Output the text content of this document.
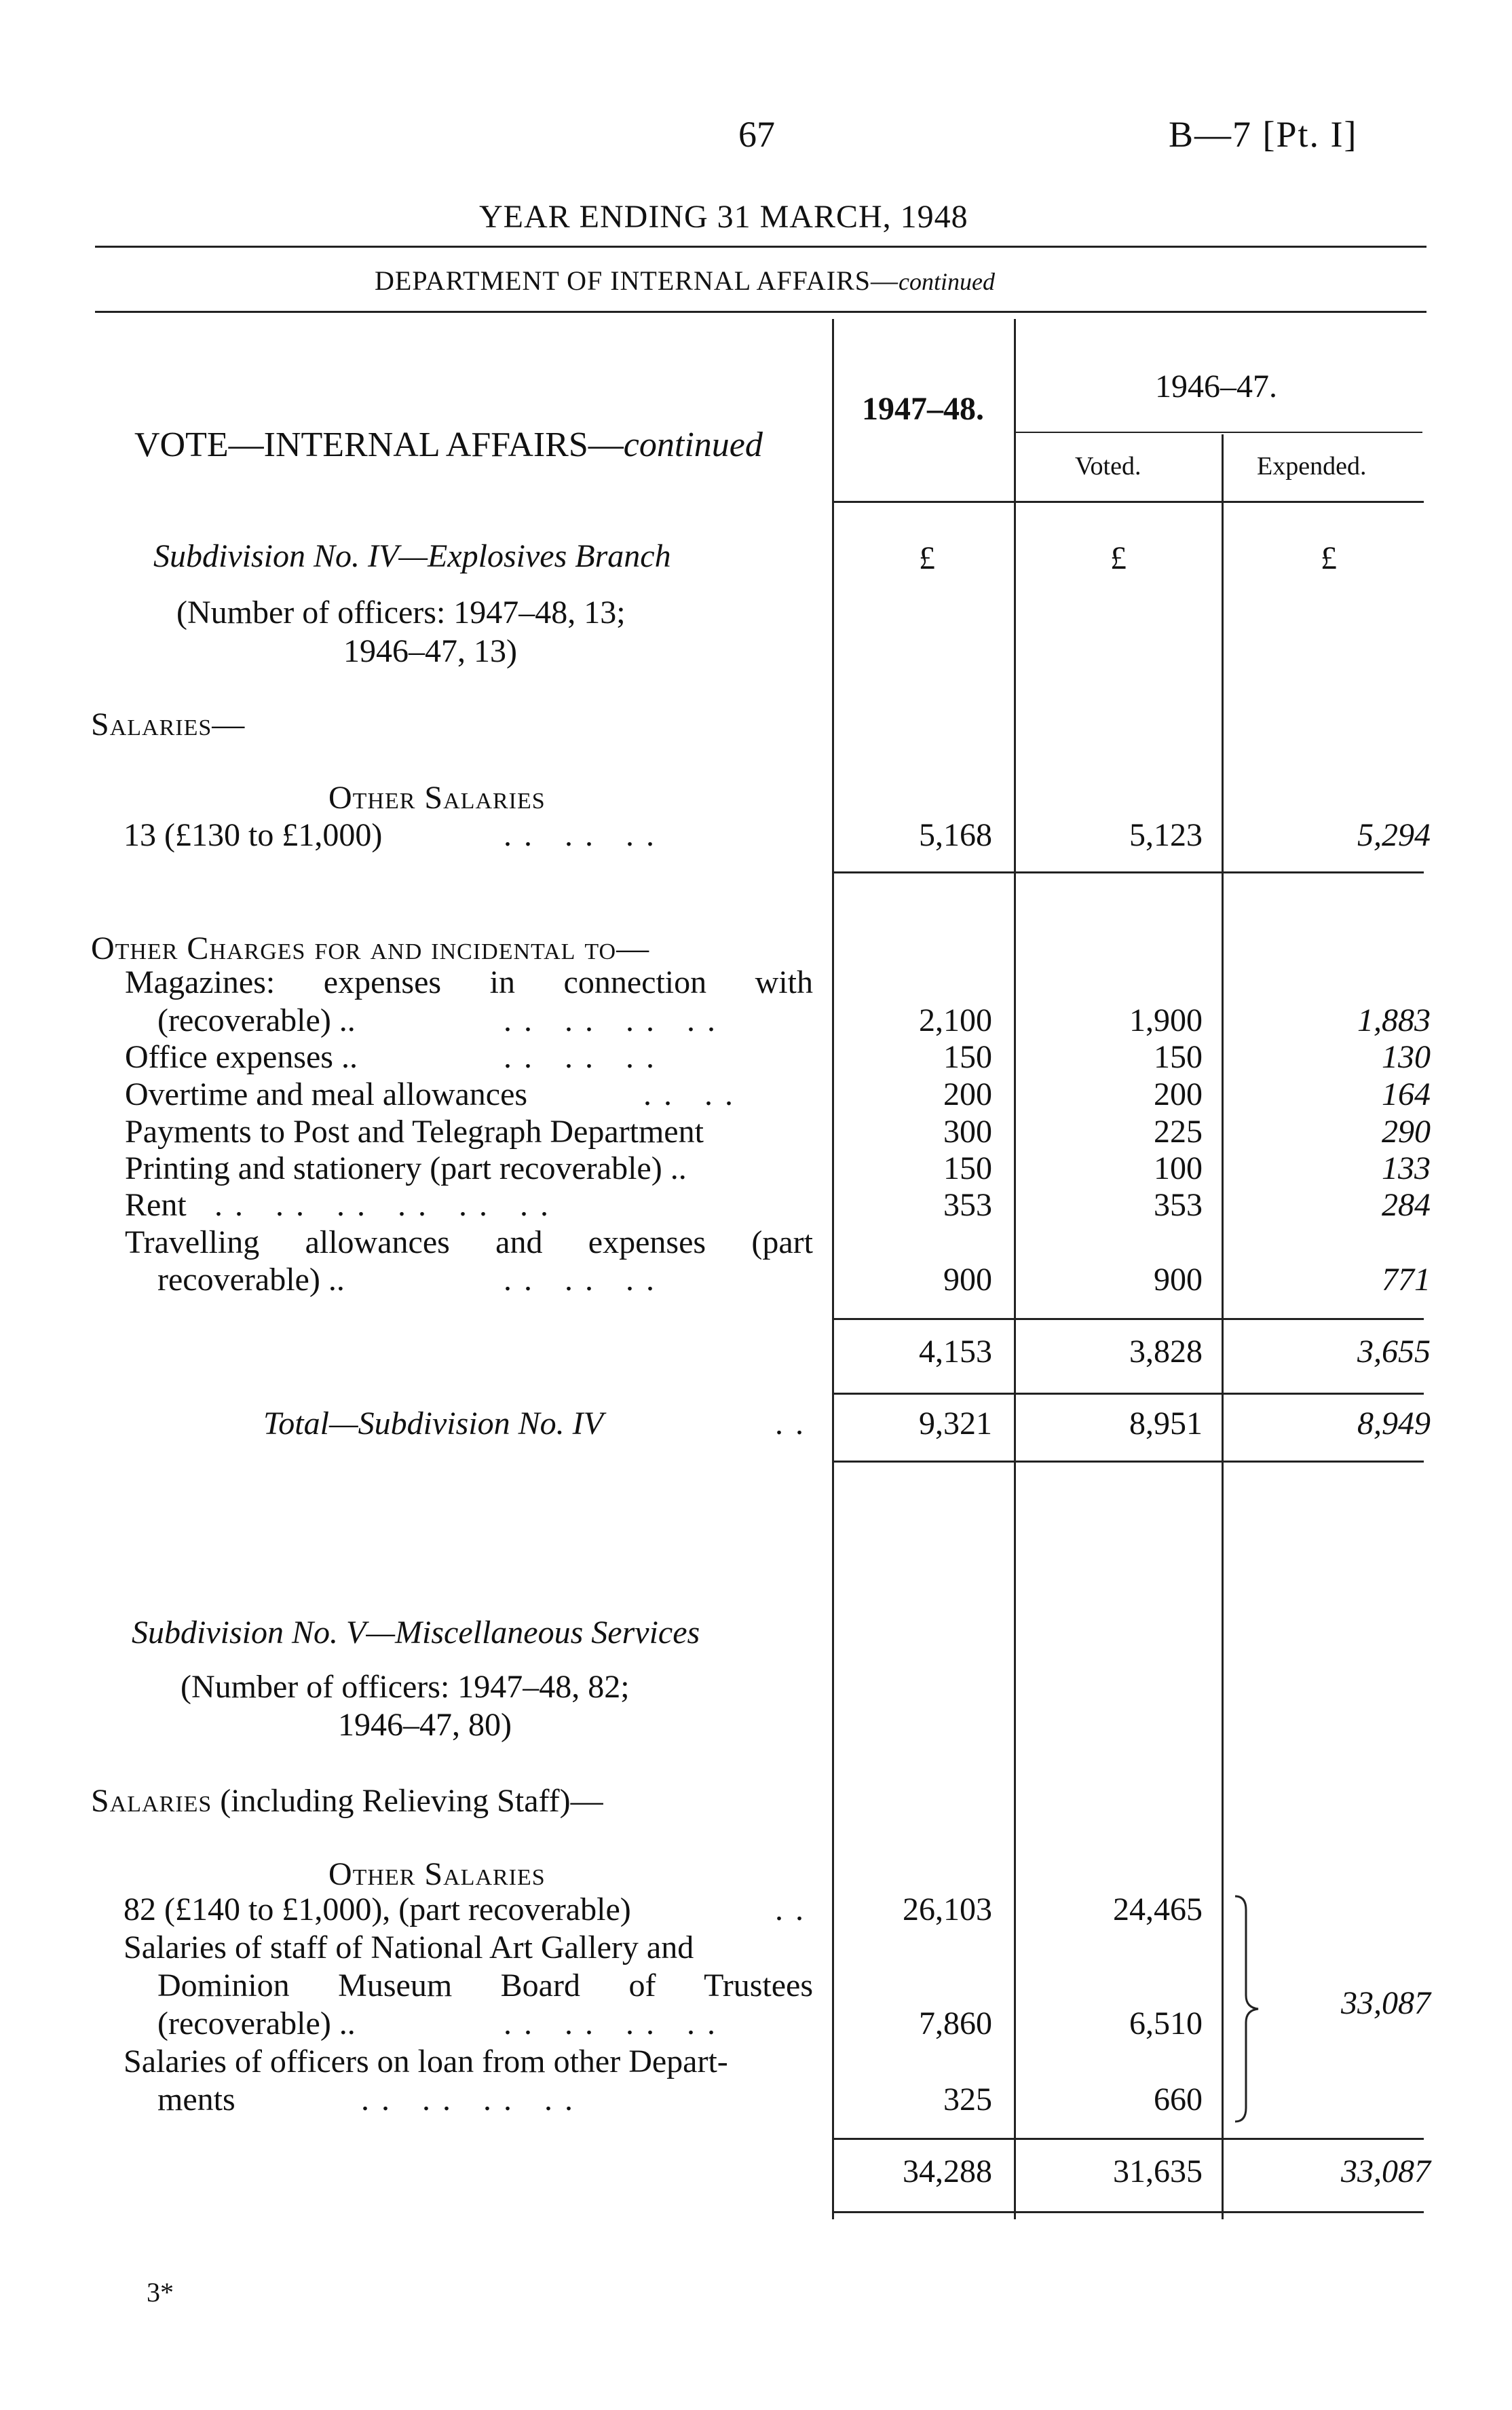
67	B—7 [Pt. I]
YEAR ENDING 31 MARCH, 1948
DEPARTMENT OF INTERNAL AFFAIRS—continued
VOTE—INTERNAL AFFAIRS—continued
1947–48.
1946–47.
Voted.	Expended.
Subdivision No. IV—Explosives Branch	£	£	£
(Number of officers: 1947–48, 13;
1946–47, 13)
Salaries—
Other Salaries
13 (£130 to £1,000)	.. .. ..	5,168	5,123	5,294
Other Charges for and incidental to—
Magazines: expenses in connection with
(recoverable) ..	.. .. .. ..	2,100	1,900	1,883
Office expenses ..	.. .. ..	150	150	130
Overtime and meal allowances	.. ..	200	200	164
Payments to Post and Telegraph Department	300	225	290
Printing and stationery (part recoverable) ..	150	100	133
Rent .. .. .. .. .. ..	353	353	284
Travelling allowances and expenses (part
recoverable) ..	.. .. ..	900	900	771
4,153	3,828	3,655
Total—Subdivision No. IV	..	9,321	8,951	8,949
Subdivision No. V—Miscellaneous Services
(Number of officers: 1947–48, 82;
1946–47, 80)
Salaries (including Relieving Staff)—
Other Salaries
82 (£140 to £1,000), (part recoverable)	..	26,103	24,465
Salaries of staff of National Art Gallery and
Dominion Museum Board of Trustees
(recoverable) ..	.. .. .. ..	7,860	6,510
Salaries of officers on loan from other Depart-
ments	.. .. .. ..	325	660
33,087
34,288	31,635	33,087
3*
